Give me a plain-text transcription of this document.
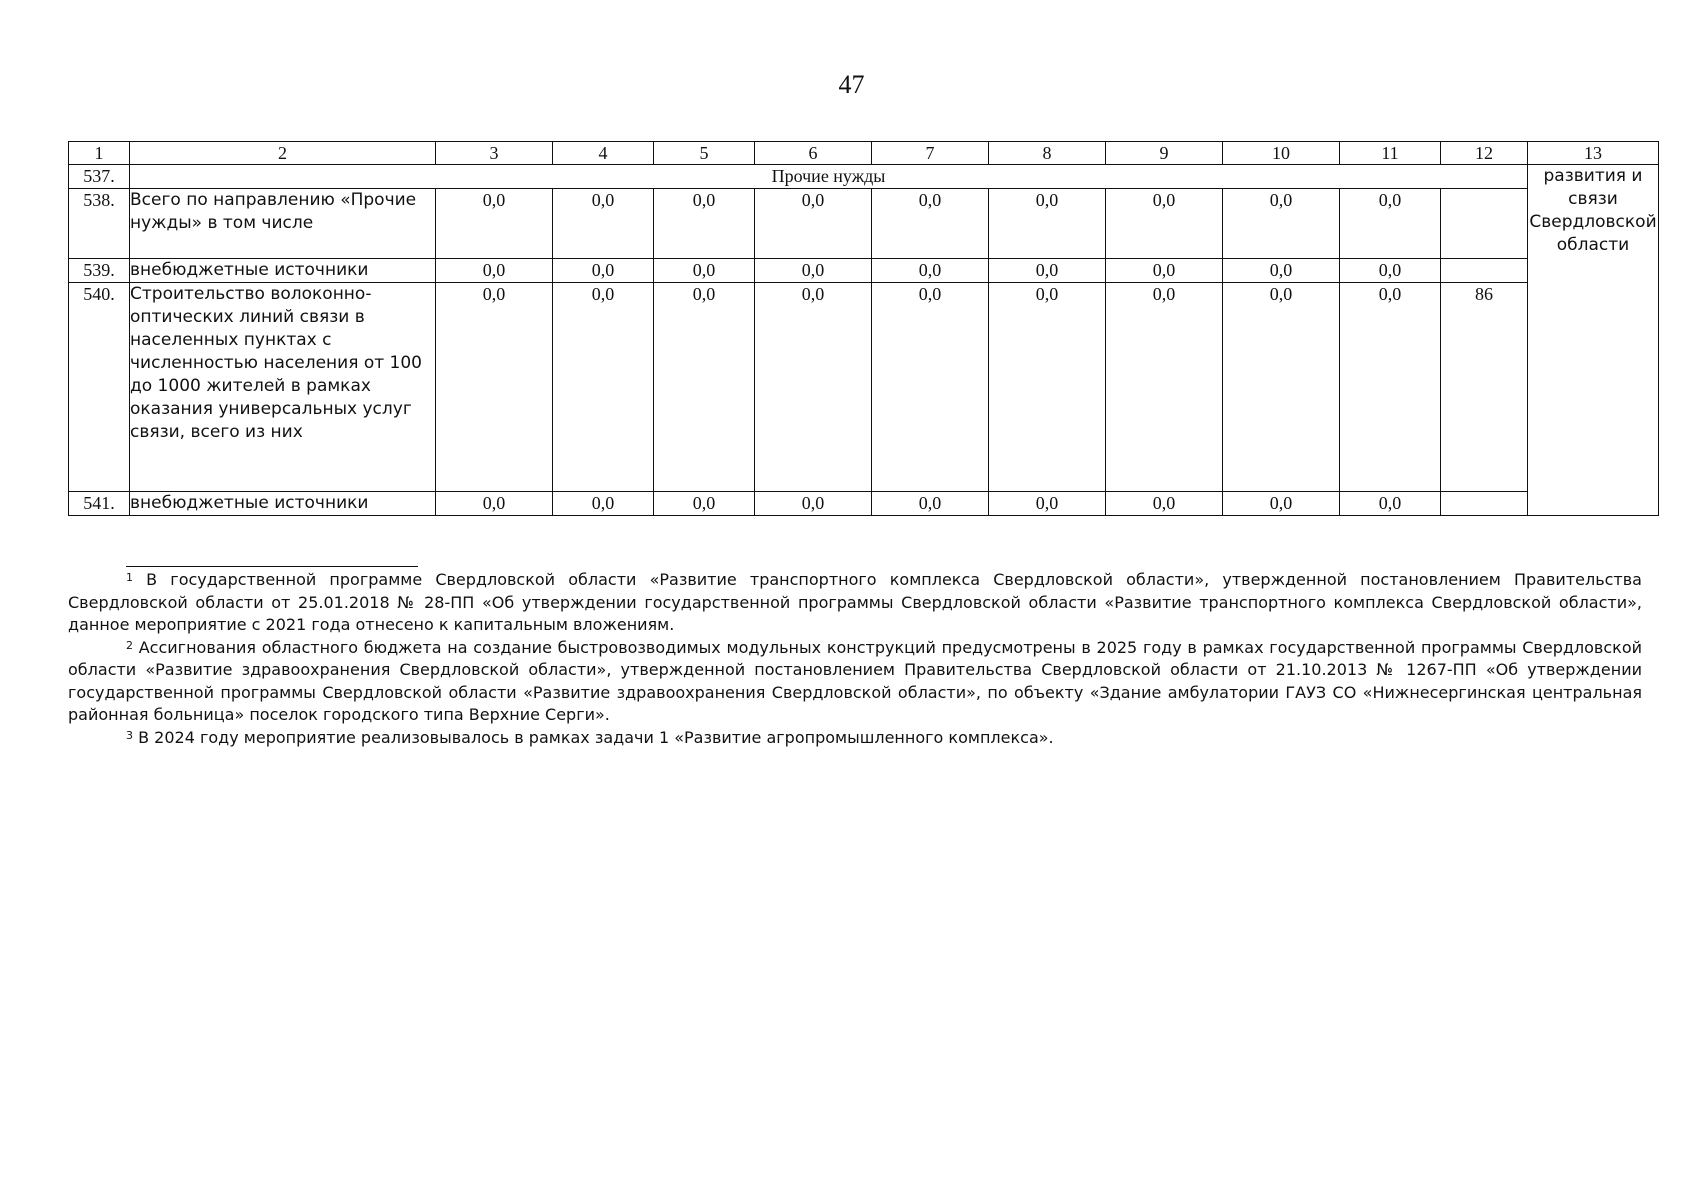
47
1	2	3	4	5	6	7	8	9	10	11	12	13
537.	Прочие нужды											развития и связи Свердловской области
538.	Всего по направлению «Прочие нужды» в том числе	0,0	0,0	0,0	0,0	0,0	0,0	0,0	0,0	0,0		
539.	внебюджетные источники	0,0	0,0	0,0	0,0	0,0	0,0	0,0	0,0	0,0		
540.	Строительство волоконно-оптических линий связи в населенных пунктах с численностью населения от 100 до 1000 жителей в рамках оказания универсальных услуг связи, всего из них	0,0	0,0	0,0	0,0	0,0	0,0	0,0	0,0	0,0	86	
541.	внебюджетные источники	0,0	0,0	0,0	0,0	0,0	0,0	0,0	0,0	0,0		

$^1$ В государственной программе Свердловской области «Развитие транспортного комплекса Свердловской области», утвержденной постановлением Правительства Свердловской области от 25.01.2018 № 28-ПП «Об утверждении государственной программы Свердловской области «Развитие транспортного комплекса Свердловской области», данное мероприятие с 2021 года отнесено к капитальным вложениям.

$^2$ Ассигнования областного бюджета на создание быстровозводимых модульных конструкций предусмотрены в 2025 году в рамках государственной программы Свердловской области «Развитие здравоохранения Свердловской области», утвержденной постановлением Правительства Свердловской области от 21.10.2013 № 1267-ПП «Об утверждении государственной программы Свердловской области «Развитие здравоохранения Свердловской области», по объекту «Здание амбулатории ГАУЗ СО «Нижнесергинская центральная районная больница» поселок городского типа Верхние Серги».

$^3$ В 2024 году мероприятие реализовывалось в рамках задачи 1 «Развитие агропромышленного комплекса».
